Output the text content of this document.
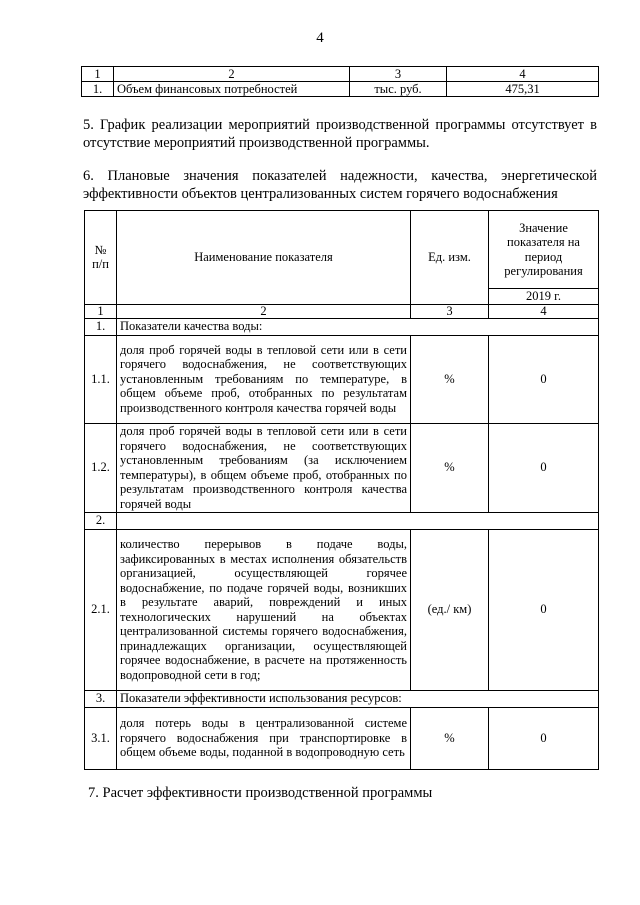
4
1	2	3	4
1.	Объем финансовых потребностей	тыс. руб.	475,31
5. График реализации мероприятий производственной программы отсутствует в отсутствие мероприятий производственной программы.
6. Плановые значения показателей надежности, качества, энергетической эффективности объектов централизованных систем горячего водоснабжения
№ п/п	Наименование показателя	Ед. изм.	Значение показателя на период регулирования
			2019 г.
1	2	3	4
1.	Показатели качества воды:		
1.1.	доля проб горячей воды в тепловой сети или в сети горячего водоснабжения, не соответствующих установленным требованиям по температуре, в общем объеме проб, отобранных по результатам производственного контроля качества горячей воды	%	0
1.2.	доля проб горячей воды в тепловой сети или в сети горячего водоснабжения, не соответствующих установленным требованиям (за исключением температуры), в общем объеме проб, отобранных по результатам производственного контроля качества горячей воды	%	0
2.			
2.1.	количество перерывов в подаче воды, зафиксированных в местах исполнения обязательств организацией, осуществляющей горячее водоснабжение, по подаче горячей воды, возникших в результате аварий, повреждений и иных технологических нарушений на объектах централизованной системы горячего водоснабжения, принадлежащих организации, осуществляющей горячее водоснабжение, в расчете на протяженность водопроводной сети в год;	(ед./ км)	0
3.	Показатели эффективности использования ресурсов:		
3.1.	доля потерь воды в централизованной системе горячего водоснабжения при транспортировке в общем объеме воды, поданной в водопроводную сеть	%	0
7. Расчет эффективности производственной программы
